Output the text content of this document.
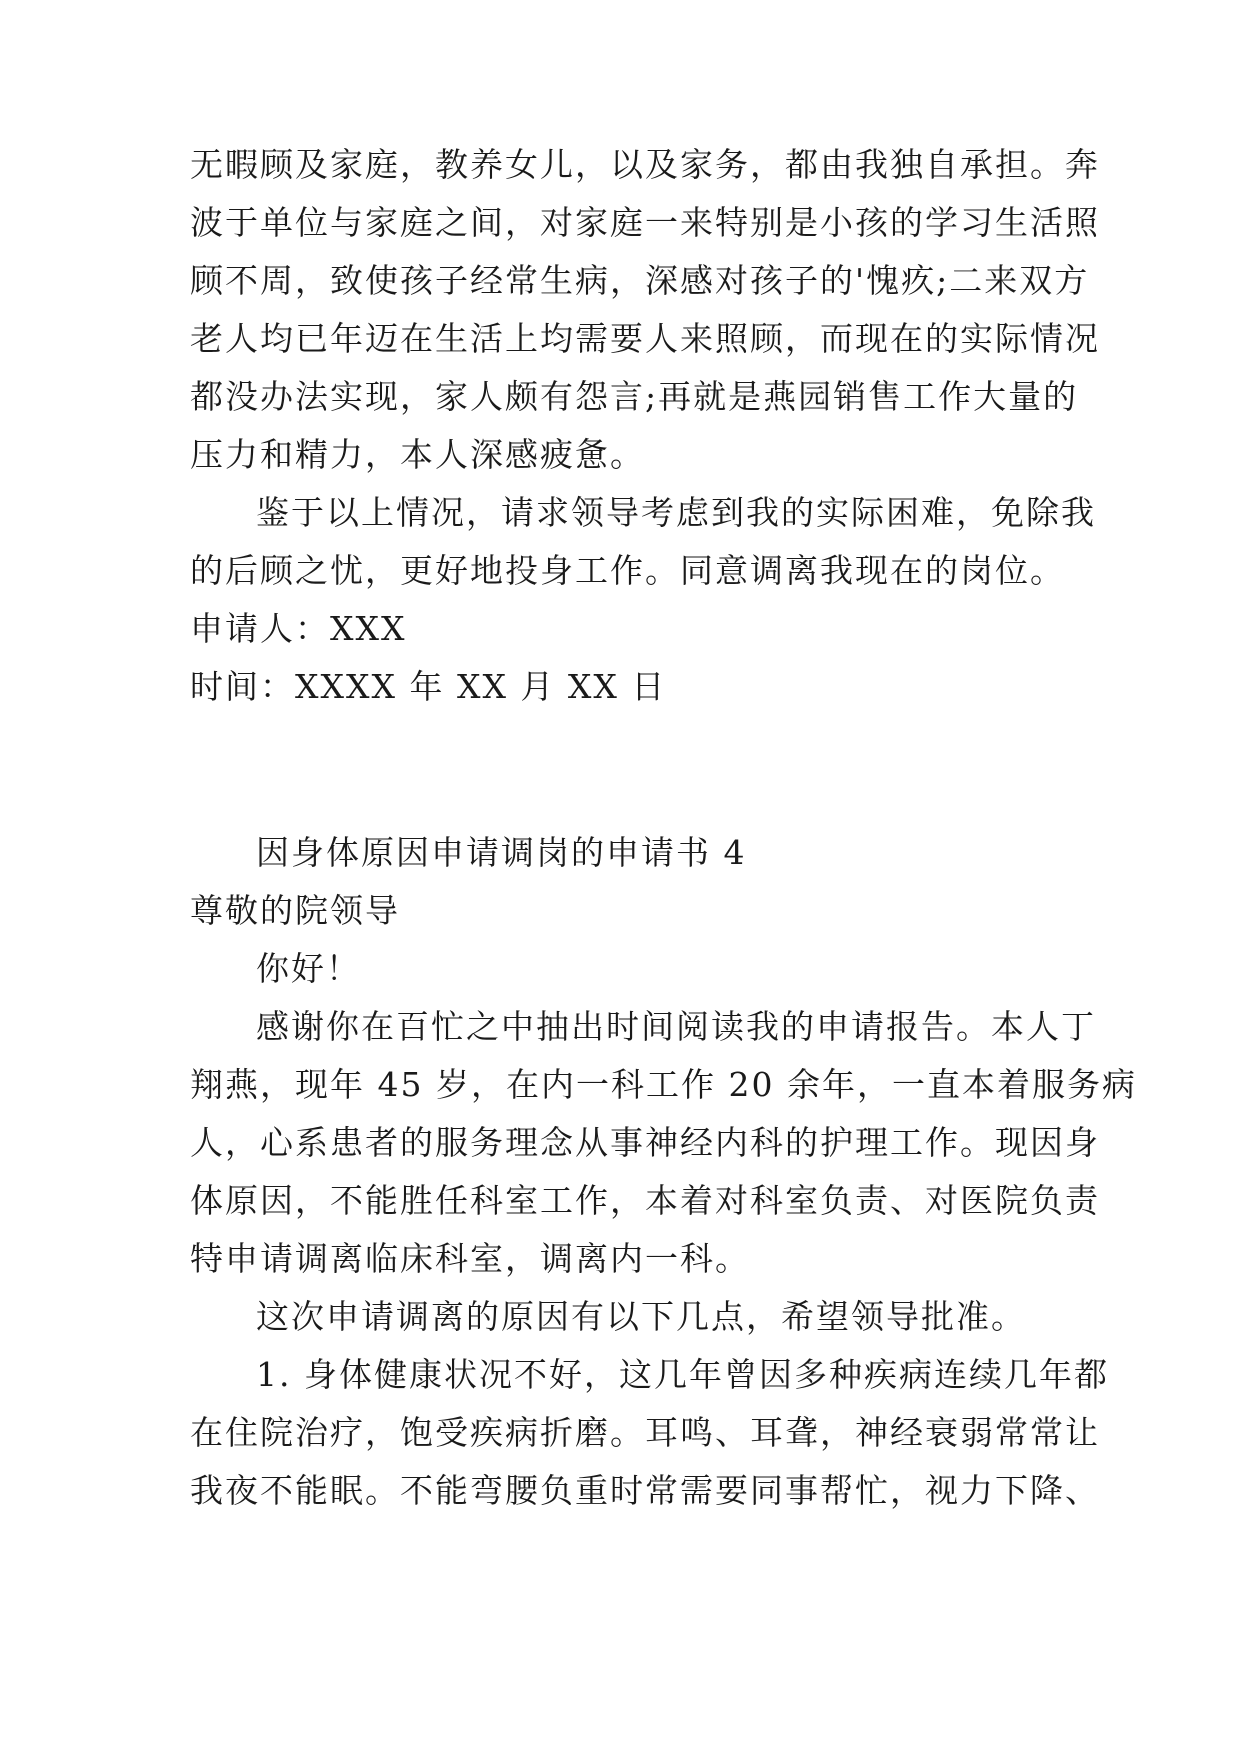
无暇顾及家庭，教养女儿，以及家务，都由我独自承担。奔
波于单位与家庭之间，对家庭一来特别是小孩的学习生活照
顾不周，致使孩子经常生病，深感对孩子的'愧疚;二来双方
老人均已年迈在生活上均需要人来照顾，而现在的实际情况
都没办法实现，家人颇有怨言;再就是燕园销售工作大量的
压力和精力，本人深感疲惫。
鉴于以上情况，请求领导考虑到我的实际困难，免除我
的后顾之忧，更好地投身工作。同意调离我现在的岗位。
申请人：XXX
时间：XXXX 年 XX 月 XX 日
因身体原因申请调岗的申请书 4
尊敬的院领导
你好！
感谢你在百忙之中抽出时间阅读我的申请报告。本人丁
翔燕，现年 45 岁，在内一科工作 20 余年，一直本着服务病
人，心系患者的服务理念从事神经内科的护理工作。现因身
体原因，不能胜任科室工作，本着对科室负责、对医院负责
特申请调离临床科室，调离内一科。
这次申请调离的原因有以下几点，希望领导批准。
1. 身体健康状况不好，这几年曾因多种疾病连续几年都
在住院治疗，饱受疾病折磨。耳鸣、耳聋，神经衰弱常常让
我夜不能眠。不能弯腰负重时常需要同事帮忙，视力下降、
